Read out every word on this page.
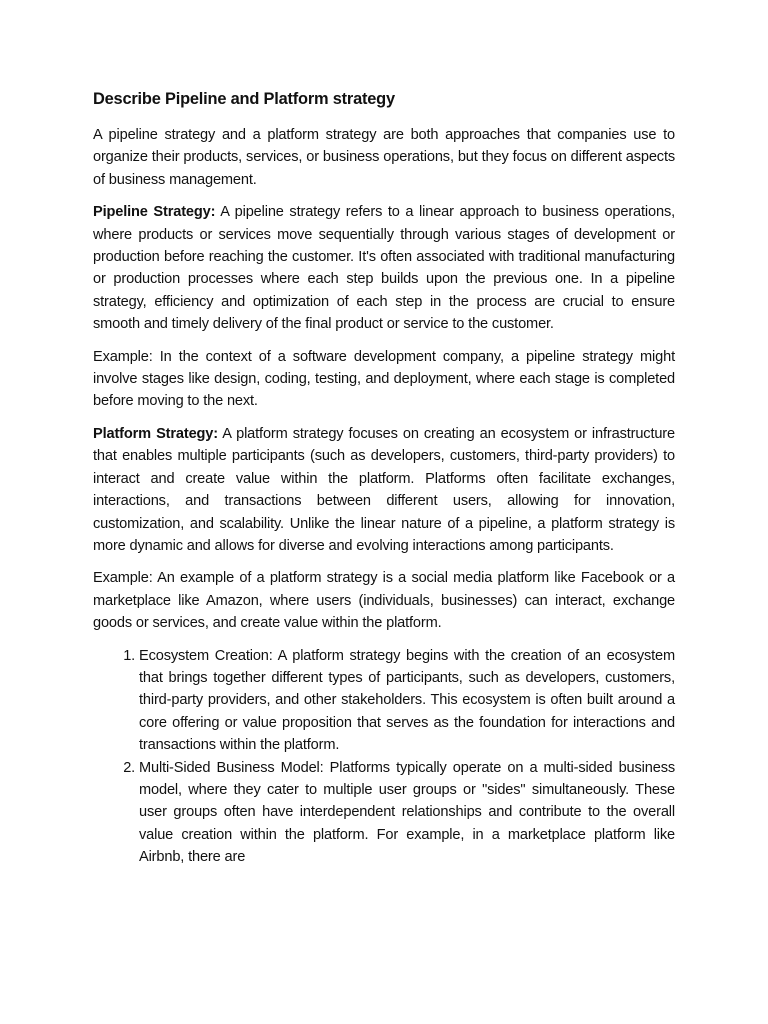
Describe Pipeline and Platform strategy

A pipeline strategy and a platform strategy are both approaches that companies use to organize their products, services, or business operations, but they focus on different aspects of business management.

Pipeline Strategy: A pipeline strategy refers to a linear approach to business operations, where products or services move sequentially through various stages of development or production before reaching the customer. It's often associated with traditional manufacturing or production processes where each step builds upon the previous one. In a pipeline strategy, efficiency and optimization of each step in the process are crucial to ensure smooth and timely delivery of the final product or service to the customer.

Example: In the context of a software development company, a pipeline strategy might involve stages like design, coding, testing, and deployment, where each stage is completed before moving to the next.

Platform Strategy: A platform strategy focuses on creating an ecosystem or infrastructure that enables multiple participants (such as developers, customers, third-party providers) to interact and create value within the platform. Platforms often facilitate exchanges, interactions, and transactions between different users, allowing for innovation, customization, and scalability. Unlike the linear nature of a pipeline, a platform strategy is more dynamic and allows for diverse and evolving interactions among participants.

Example: An example of a platform strategy is a social media platform like Facebook or a marketplace like Amazon, where users (individuals, businesses) can interact, exchange goods or services, and create value within the platform.

1. Ecosystem Creation: A platform strategy begins with the creation of an ecosystem that brings together different types of participants, such as developers, customers, third-party providers, and other stakeholders. This ecosystem is often built around a core offering or value proposition that serves as the foundation for interactions and transactions within the platform.
2. Multi-Sided Business Model: Platforms typically operate on a multi-sided business model, where they cater to multiple user groups or "sides" simultaneously. These user groups often have interdependent relationships and contribute to the overall value creation within the platform. For example, in a marketplace platform like Airbnb, there are
